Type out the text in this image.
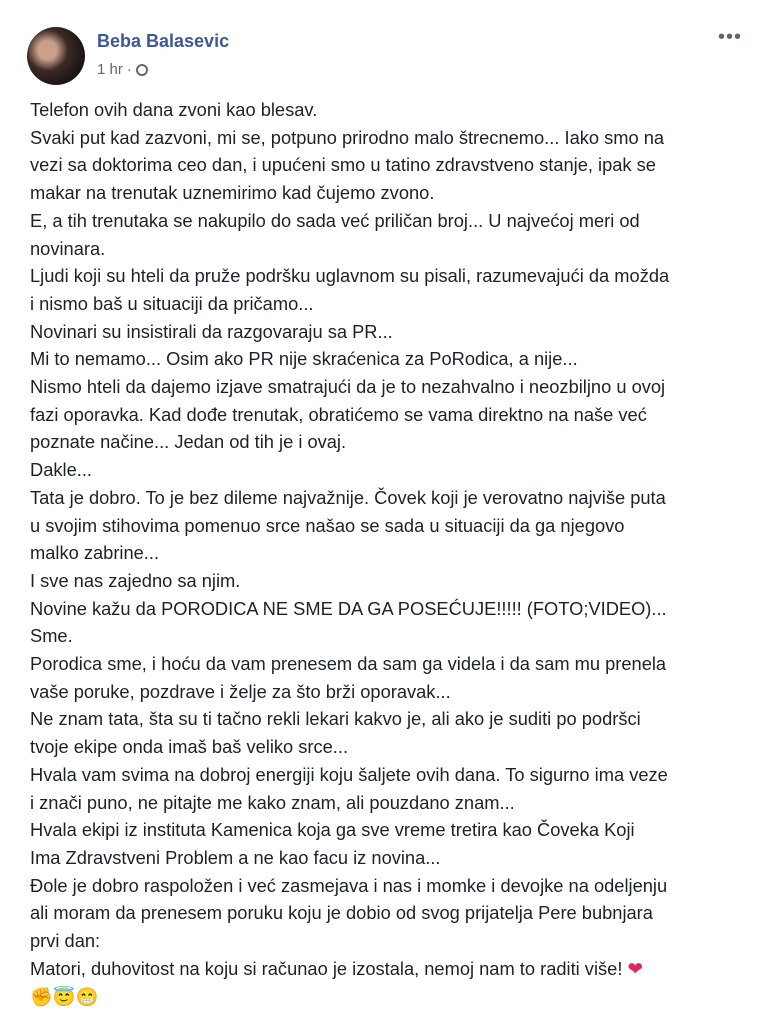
Beba Balasevic
1 hr ·
•••
Telefon ovih dana zvoni kao blesav.
Svaki put kad zazvoni, mi se, potpuno prirodno malo štrecnemo... Iako smo na
vezi sa doktorima ceo dan, i upućeni smo u tatino zdravstveno stanje, ipak se
makar na trenutak uznemirimo kad čujemo zvono.
E, a tih trenutaka se nakupilo do sada već priličan broj... U najvećoj meri od
novinara.
Ljudi koji su hteli da pruže podršku uglavnom su pisali, razumevajući da možda
i nismo baš u situaciji da pričamo...
Novinari su insistirali da razgovaraju sa PR...
Mi to nemamo... Osim ako PR nije skraćenica za PoRodica, a nije...
Nismo hteli da dajemo izjave smatrajući da je to nezahvalno i neozbiljno u ovoj
fazi oporavka. Kad dođe trenutak, obratićemo se vama direktno na naše već
poznate načine... Jedan od tih je i ovaj.
Dakle...
Tata je dobro. To je bez dileme najvažnije. Čovek koji je verovatno najviše puta
u svojim stihovima pomenuo srce našao se sada u situaciji da ga njegovo
malko zabrine...
I sve nas zajedno sa njim.
Novine kažu da PORODICA NE SME DA GA POSEĆUJE!!!!! (FOTO;VIDEO)...
Sme.
Porodica sme, i hoću da vam prenesem da sam ga videla i da sam mu prenela
vaše poruke, pozdrave i želje za što brži oporavak...
Ne znam tata, šta su ti tačno rekli lekari kakvo je, ali ako je suditi po podršci
tvoje ekipe onda imaš baš veliko srce...
Hvala vam svima na dobroj energiji koju šaljete ovih dana. To sigurno ima veze
i znači puno, ne pitajte me kako znam, ali pouzdano znam...
Hvala ekipi iz instituta Kamenica koja ga sve vreme tretira kao Čoveka Koji
Ima Zdravstveni Problem a ne kao facu iz novina...
Đole je dobro raspoložen i već zasmejava i nas i momke i devojke na odeljenju
ali moram da prenesem poruku koju je dobio od svog prijatelja Pere bubnjara
prvi dan:
Matori, duhovitost na koju si računao je izostala, nemoj nam to raditi više! ❤
✊😇😁
